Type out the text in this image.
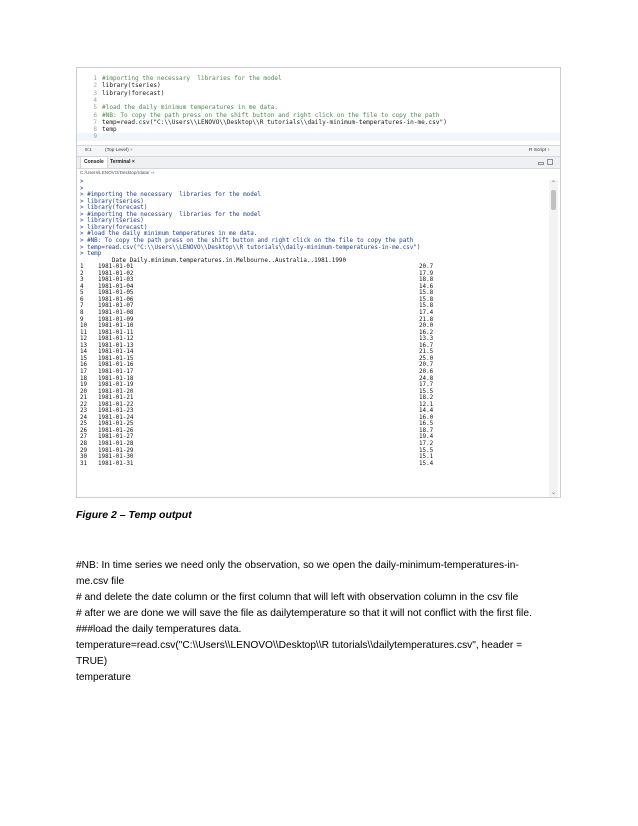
1 #importing the necessary  libraries for the model
2 library(tseries)
3 library(forecast)
4
5 #load the daily minimum temperatures in me data.
6 #NB: To copy the path press on the shift button and right click on the file to copy the path
7 temp=read.csv("C:\\Users\\LENOVO\\Desktop\\R tutorials\\daily-minimum-temperatures-in-me.csv")
8 temp
9
9:1	(Top Level) ÷	R Script ÷
Console	Terminal ×
C:/Users/LENOVO/Desktop/rdata/ ⇨
>
>
> #importing the necessary  libraries for the model
> library(tseries)
> library(forecast)
> #importing the necessary  libraries for the model
> library(tseries)
> library(forecast)
> #load the daily minimum temperatures in me data.
> #NB: To copy the path press on the shift button and right click on the file to copy the path
> temp=read.csv("C:\\Users\\LENOVO\\Desktop\\R tutorials\\daily-minimum-temperatures-in-me.csv")
> temp
Date Daily.minimum.temperatures.in.Melbourne..Australia..1981.1990
1 1981-01-01	20.7
2 1981-01-02	17.9
3 1981-01-03	18.8
4 1981-01-04	14.6
5 1981-01-05	15.8
6 1981-01-06	15.8
7 1981-01-07	15.8
8 1981-01-08	17.4
9 1981-01-09	21.8
10 1981-01-10	20.0
11 1981-01-11	16.2
12 1981-01-12	13.3
13 1981-01-13	16.7
14 1981-01-14	21.5
15 1981-01-15	25.0
16 1981-01-16	20.7
17 1981-01-17	20.6
18 1981-01-18	24.8
19 1981-01-19	17.7
20 1981-01-20	15.5
21 1981-01-21	18.2
22 1981-01-22	12.1
23 1981-01-23	14.4
24 1981-01-24	16.0
25 1981-01-25	16.5
26 1981-01-26	18.7
27 1981-01-27	19.4
28 1981-01-28	17.2
29 1981-01-29	15.5
30 1981-01-30	15.1
31 1981-01-31	15.4
⌃
⌄
Figure 2 – Temp output
#NB: In time series we need only the observation, so we open the daily-minimum-temperatures-in-
me.csv file
# and delete the date column or the first column that will left with observation column in the csv file
# after we are done we will save the file as dailytemperature so that it will not conflict with the first file.
###load the daily temperatures data.
temperature=read.csv("C:\\Users\\LENOVO\\Desktop\\R tutorials\\dailytemperatures.csv", header =
TRUE)
temperature
